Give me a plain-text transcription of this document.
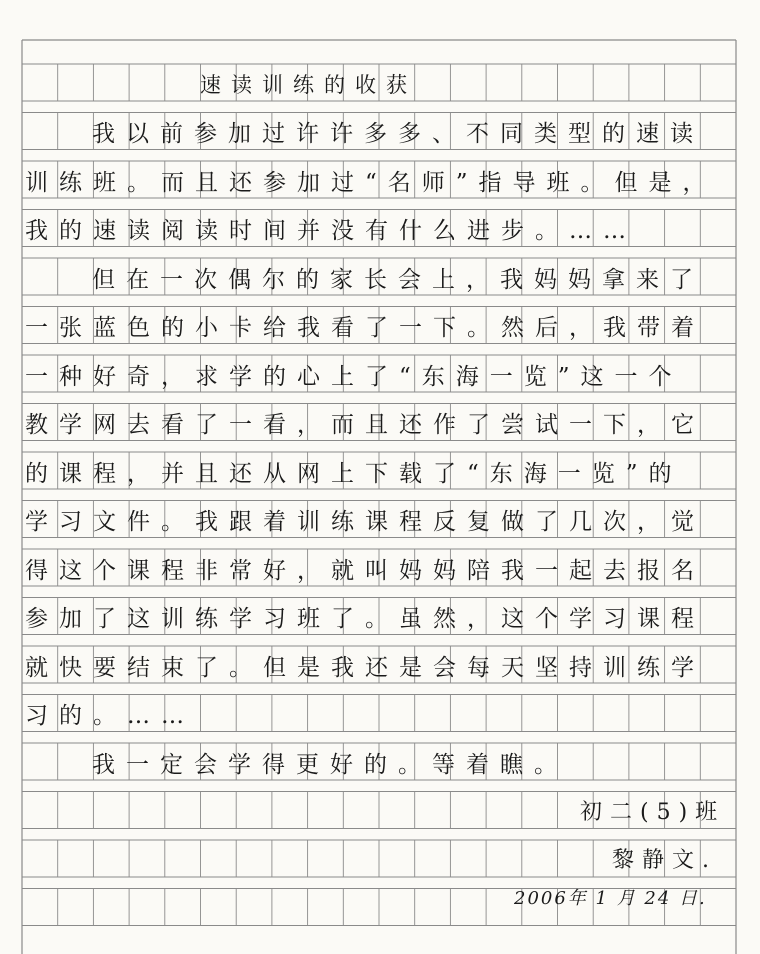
速读训练的收获
我以前参加过许许多多、不同类型的速读
训练班。而且还参加过“名师”指导班。但是，
我的速读阅读时间并没有什么进步。……
但在一次偶尔的家长会上，我妈妈拿来了
一张蓝色的小卡给我看了一下。然后，我带着
一种好奇，求学的心上了“东海一览”这一个
教学网去看了一看，而且还作了尝试一下，它
的课程，并且还从网上下载了“东海一览”的
学习文件。我跟着训练课程反复做了几次，觉
得这个课程非常好，就叫妈妈陪我一起去报名
参加了这训练学习班了。虽然，这个学习课程
就快要结束了。但是我还是会每天坚持训练学
习的。……
我一定会学得更好的。等着瞧。
初二(5)班
黎静文.
2006年 1 月 24 日.
